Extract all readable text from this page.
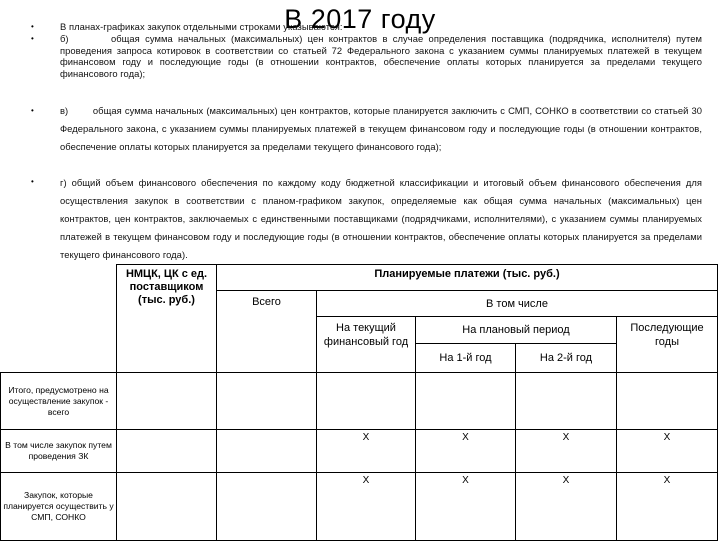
В 2017 году
•
•
•
•
В планах-графиках закупок отдельными строками указываются:
б)        общая сумма начальных (максимальных) цен контрактов в случае определения поставщика (подрядчика, исполнителя) путем проведения запроса котировок в соответствии со статьей 72 Федерального закона с указанием суммы планируемых платежей в текущем финансовом году и последующие годы (в отношении контрактов, обеспечение оплаты которых планируется за пределами текущего финансового года);
в)        общая сумма начальных (максимальных) цен контрактов, которые планируется заключить с СМП, СОНКО в соответствии со статьей 30 Федерального закона, с указанием суммы планируемых платежей в текущем финансовом году и последующие годы (в отношении контрактов, обеспечение оплаты которых планируется за пределами текущего финансового года);
г) общий объем финансового обеспечения по каждому коду бюджетной классификации и итоговый объем финансового обеспечения для осуществления закупок в соответствии с планом-графиком закупок, определяемые как общая сумма начальных (максимальных) цен контрактов, цен контрактов, заключаемых с единственными поставщиками (подрядчиками, исполнителями), с указанием суммы планируемых платежей в текущем финансовом году и последующие годы (в отношении контрактов, обеспечение оплаты которых планируется за пределами текущего финансового года).
	НМЦК, ЦК с ед. поставщиком (тыс. руб.)	Планируемые платежи (тыс. руб.)				
		Всего	В том числе			
			На текущий финансовый год	На плановый период		Последующие годы
				На 1-й год	На 2-й год	
Итого, предусмотрено на осуществление закупок - всего						
В том числе закупок путем проведения ЗК			X	X	X	X
Закупок, которые планируется осуществить у СМП, СОНКО			X	X	X	X
